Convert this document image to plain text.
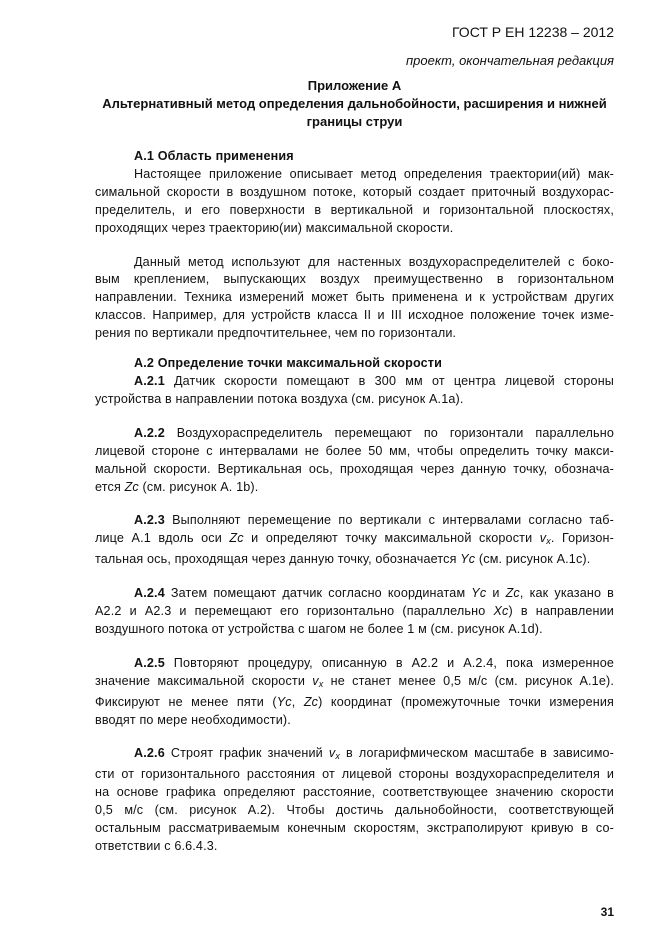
ГОСТ Р ЕН 12238 – 2012
проект, окончательная редакция
Приложение А
Альтернативный метод определения дальнобойности, расширения и нижней
границы струи
А.1 Область применения
Настоящее приложение описывает метод определения траектории(ий) мак-
симальной скорости в воздушном потоке, который создает приточный воздухорас-
пределитель, и его поверхности в вертикальной и горизонтальной плоскостях,
проходящих через траекторию(ии) максимальной скорости.
Данный метод используют для настенных воздухораспределителей с боко-
вым креплением, выпускающих воздух преимущественно в горизонтальном
направлении. Техника измерений может быть применена и к устройствам других
классов. Например, для устройств класса II и III исходное положение точек изме-
рения по вертикали предпочтительнее, чем по горизонтали.
А.2 Определение точки максимальной скорости
А.2.1 Датчик скорости помещают в 300 мм от центра лицевой стороны
устройства в направлении потока воздуха (см. рисунок А.1а).
А.2.2 Воздухораспределитель перемещают по горизонтали параллельно
лицевой стороне с интервалами не более 50 мм, чтобы определить точку макси-
мальной скорости. Вертикальная ось, проходящая через данную точку, обознача-
ется Zc (см. рисунок А. 1b).
А.2.3 Выполняют перемещение по вертикали с интервалами согласно таб-
лице А.1 вдоль оси Zc и определяют точку максимальной скорости vx. Горизон-
тальная ось, проходящая через данную точку, обозначается Yc (см. рисунок А.1с).
А.2.4 Затем помещают датчик согласно координатам Yc и Zc, как указано в
А2.2 и А2.3 и перемещают его горизонтально (параллельно Xc) в направлении
воздушного потока от устройства с шагом не более 1 м (см. рисунок А.1d).
А.2.5 Повторяют процедуру, описанную в А2.2 и А.2.4, пока измеренное
значение максимальной скорости vx не станет менее 0,5 м/с (см. рисунок А.1е).
Фиксируют не менее пяти (Yc, Zc) координат (промежуточные точки измерения
вводят по мере необходимости).
А.2.6 Строят график значений vx в логарифмическом масштабе в зависимо-
сти от горизонтального расстояния от лицевой стороны воздухораспределителя и
на основе графика определяют расстояние, соответствующее значению скорости
0,5 м/с (см. рисунок А.2). Чтобы достичь дальнобойности, соответствующей
остальным рассматриваемым конечным скоростям, экстраполируют кривую в со-
ответствии с 6.6.4.3.
31
